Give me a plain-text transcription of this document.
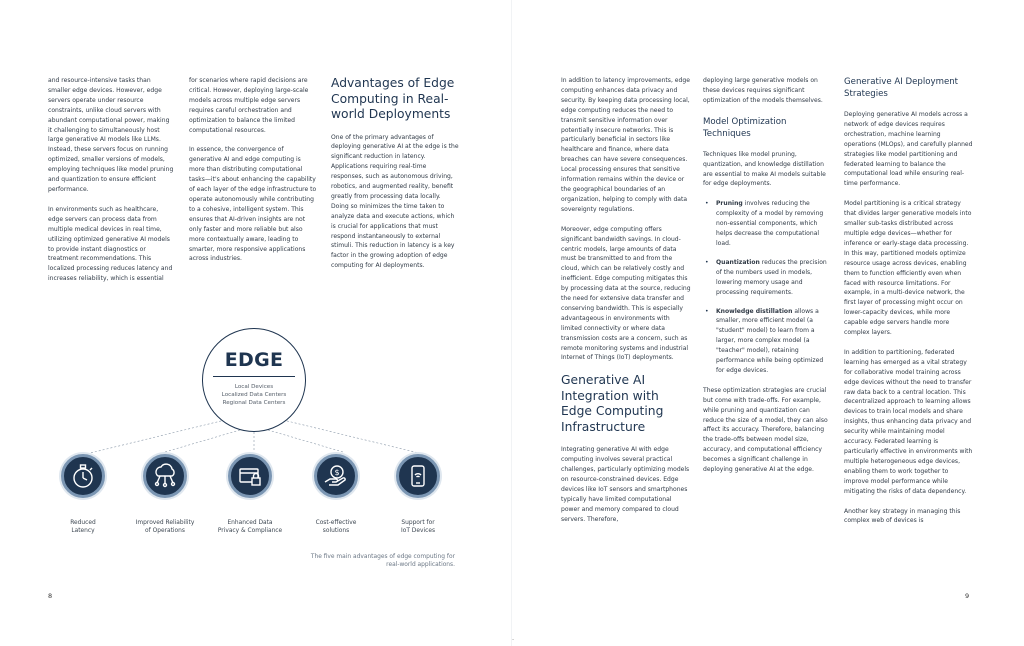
and resource-intensive tasks than smaller edge devices. However, edge servers operate under resource constraints, unlike cloud servers with abundant computational power, making it challenging to simultaneously host large generative AI models like LLMs. Instead, these servers focus on running optimized, smaller versions of models, employing techniques like model pruning and quantization to ensure efficient performance.

In environments such as healthcare, edge servers can process data from multiple medical devices in real time, utilizing optimized generative AI models to provide instant diagnostics or treatment recommendations. This localized processing reduces latency and increases reliability, which is essential

for scenarios where rapid decisions are critical. However, deploying large-scale models across multiple edge servers requires careful orchestration and optimization to balance the limited computational resources.

In essence, the convergence of generative AI and edge computing is more than distributing computational tasks—it's about enhancing the capability of each layer of the edge infrastructure to operate autonomously while contributing to a cohesive, intelligent system. This ensures that AI-driven insights are not only faster and more reliable but also more contextually aware, leading to smarter, more responsive applications across industries.

Advantages of Edge Computing in Real-world Deployments

One of the primary advantages of deploying generative AI at the edge is the significant reduction in latency. Applications requiring real-time responses, such as autonomous driving, robotics, and augmented reality, benefit greatly from processing data locally. Doing so minimizes the time taken to analyze data and execute actions, which is crucial for applications that must respond instantaneously to external stimuli. This reduction in latency is a key factor in the growing adoption of edge computing for AI deployments.

EDGE
Local Devices
Localized Data Centers
Regional Data Centers
$
Reduced
Latency
Improved Reliability
of Operations
Enhanced Data
Privacy & Compliance
Cost-effective
solutions
Support for
IoT Devices
The five main advantages of edge computing for real-world applications.
8

In addition to latency improvements, edge computing enhances data privacy and security. By keeping data processing local, edge computing reduces the need to transmit sensitive information over potentially insecure networks. This is particularly beneficial in sectors like healthcare and finance, where data breaches can have severe consequences. Local processing ensures that sensitive information remains within the device or the geographical boundaries of an organization, helping to comply with data sovereignty regulations.

Moreover, edge computing offers significant bandwidth savings. In cloud-centric models, large amounts of data must be transmitted to and from the cloud, which can be relatively costly and inefficient. Edge computing mitigates this by processing data at the source, reducing the need for extensive data transfer and conserving bandwidth. This is especially advantageous in environments with limited connectivity or where data transmission costs are a concern, such as remote monitoring systems and industrial Internet of Things (IoT) deployments.

Generative AI Integration with Edge Computing Infrastructure

Integrating generative AI with edge computing involves several practical challenges, particularly optimizing models on resource-constrained devices. Edge devices like IoT sensors and smartphones typically have limited computational power and memory compared to cloud servers. Therefore,

deploying large generative models on these devices requires significant optimization of the models themselves.

Model Optimization Techniques

Techniques like model pruning, quantization, and knowledge distillation are essential to make AI models suitable for edge deployments.

• Pruning involves reducing the complexity of a model by removing non-essential components, which helps decrease the computational load.
• Quantization reduces the precision of the numbers used in models, lowering memory usage and processing requirements.
• Knowledge distillation allows a smaller, more efficient model (a "student" model) to learn from a larger, more complex model (a "teacher" model), retaining performance while being optimized for edge devices.

These optimization strategies are crucial but come with trade-offs. For example, while pruning and quantization can reduce the size of a model, they can also affect its accuracy. Therefore, balancing the trade-offs between model size, accuracy, and computational efficiency becomes a significant challenge in deploying generative AI at the edge.

Generative AI Deployment Strategies

Deploying generative AI models across a network of edge devices requires orchestration, machine learning operations (MLOps), and carefully planned strategies like model partitioning and federated learning to balance the computational load while ensuring real-time performance.

Model partitioning is a critical strategy that divides larger generative models into smaller sub-tasks distributed across multiple edge devices—whether for inference or early-stage data processing. In this way, partitioned models optimize resource usage across devices, enabling them to function efficiently even when faced with resource limitations. For example, in a multi-device network, the first layer of processing might occur on lower-capacity devices, while more capable edge servers handle more complex layers.

In addition to partitioning, federated learning has emerged as a vital strategy for collaborative model training across edge devices without the need to transfer raw data back to a central location. This decentralized approach to learning allows devices to train local models and share insights, thus enhancing data privacy and security while maintaining model accuracy. Federated learning is particularly effective in environments with multiple heterogeneous edge devices, enabling them to work together to improve model performance while mitigating the risks of data dependency.

Another key strategy in managing this complex web of devices is

9
-
